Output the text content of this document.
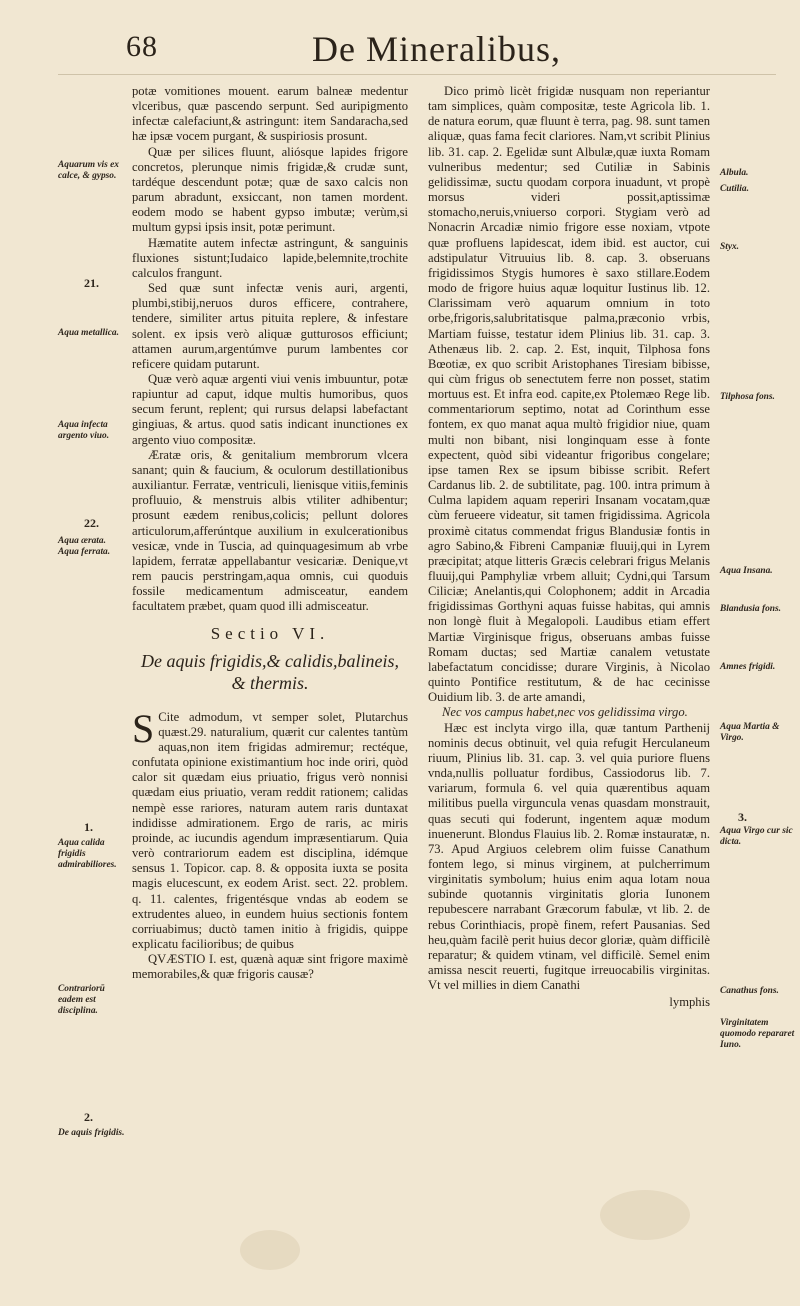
68	De Mineralibus,

potæ vomitiones mouent. earum balneæ medentur vlceribus, quæ pascendo serpunt. Sed auripigmento infectæ calefaciunt,& astringunt: item Sandaracha,sed hæ ipsæ vocem purgant, & suspiriosis prosunt.

Quæ per silices fluunt, aliósque lapides frigore concretos, plerunque nimis frigidæ,& crudæ sunt, tardéque descendunt potæ; quæ de saxo calcis non parum abradunt, exsiccant, non tamen mordent. eodem modo se habent gypso imbutæ; verùm,si multum gypsi ipsis insit, potæ perimunt.

Hæmatite autem infectæ astringunt, & sanguinis fluxiones sistunt;Iudaico lapide,belemnite,trochite calculos frangunt.

Sed quæ sunt infectæ venis auri, argenti, plumbi,stibij,neruos duros efficere, contrahere, tendere, similiter artus pituita replere, & infestare solent. ex ipsis verò aliquæ gutturosos efficiunt; attamen aurum,argentúmve purum lambentes cor reficere quidam putarunt.

Quæ verò aquæ argenti viui venis imbuuntur, potæ rapiuntur ad caput, idque multis humoribus, quos secum ferunt, replent; qui rursus delapsi labefactant gingiuas, & artus. quod satis indicant inunctiones ex argento viuo compositæ.

Æratæ oris, & genitalium membrorum vlcera sanant; quin & faucium, & oculorum destillationibus auxiliantur. Ferratæ, ventriculi, lienisque vitiis,feminis profluuio, & menstruis albis vtiliter adhibentur; prosunt eædem renibus,colicis; pellunt dolores articulorum,afferúntque auxilium in exulcerationibus vesicæ, vnde in Tuscia, ad quinquagesimum ab vrbe lapidem, ferratæ appellabantur vesicariæ. Denique,vt rem paucis perstringam,aqua omnis, cui quoduis fossile medicamentum admisceatur, eandem facultatem præbet, quam quod illi admisceatur.

Sectio VI.
De aquis frigidis,& calidis,balineis,
& thermis.

S Cite admodum, vt semper solet, Plutarchus quæst.29. naturalium, quærit cur calentes tantùm aquas,non item frigidas admiremur; rectéque, confutata opinione existimantium hoc inde oriri, quòd calor sit quædam eius priuatio, frigus verò nonnisi quædam eius priuatio, veram reddit rationem; calidas nempè esse rariores, naturam autem raris duntaxat indidisse admirationem. Ergo de raris, ac miris proinde, ac iucundis agendum impræsentiarum. Quia verò contrariorum eadem est disciplina, idémque sensus 1. Topicor. cap. 8. & opposita iuxta se posita magis elucescunt, ex eodem Arist. sect. 22. problem. q. 11. calentes, frigentésque vndas ab eodem se extrudentes alueo, in eundem huius sectionis fontem corriuabimus; ductò tamen initio à frigidis, quippe explicatu facilioribus; de quibus

QVÆSTIO I. est, quænà aquæ sint frigore maximè memorabiles,& quæ frigoris causæ?

Dico primò licèt frigidæ nusquam non reperiantur tam simplices, quàm compositæ, teste Agricola lib. 1. de natura eorum, quæ fluunt è terra, pag. 98. sunt tamen aliquæ, quas fama fecit clariores. Nam,vt scribit Plinius lib. 31. cap. 2. Egelidæ sunt Albulæ,quæ iuxta Romam vulneribus medentur; sed Cutiliæ in Sabinis gelidissimæ, suctu quodam corpora inuadunt, vt propè morsus videri possit,aptissimæ stomacho,neruis,vniuerso corpori. Stygiam verò ad Nonacrin Arcadiæ nimio frigore esse noxiam, vtpote quæ profluens lapidescat, idem ibid. est auctor, cui adstipulatur Vitruuius lib. 8. cap. 3. obseruans frigidissimos Stygis humores è saxo stillare.Eodem modo de frigore huius aquæ loquitur Iustinus lib. 12. Clarissimam verò aquarum omnium in toto orbe,frigoris,salubritatisque palma,præconio vrbis, Martiam fuisse, testatur idem Plinius lib. 31. cap. 3. Athenæus lib. 2. cap. 2. Est, inquit, Tilphosa fons Bœotiæ, ex quo scribit Aristophanes Tiresiam bibisse, qui cùm frigus ob senectutem ferre non posset, statim mortuus est. Et infra eod. capite,ex Ptolemæo Rege lib. commentariorum septimo, notat ad Corinthum esse fontem, ex quo manat aqua multò frigidior niue, quam multi non bibant, nisi longinquam esse à fonte expectent, quòd sibi videantur frigoribus congelare; ipse tamen Rex se ipsum bibisse scribit. Refert Cardanus lib. 2. de subtilitate, pag. 100. intra primum à Culma lapidem aquam reperiri Insanam vocatam,quæ cùm ferueere videatur, sit tamen frigidissima. Agricola proximè citatus commendat frigus Blandusiæ fontis in agro Sabino,& Fibreni Campaniæ fluuij,qui in Lyrem præcipitat; atque litteris Græcis celebrari frigus Melanis fluuij,qui Pamphyliæ vrbem alluit; Cydni,qui Tarsum Ciliciæ; Anelantis,qui Colophonem; addit in Arcadia frigidissimas Gorthyni aquas fuisse habitas, qui amnis non longè fluit à Megalopoli. Laudibus etiam effert Martiæ Virginisque frigus, obseruans ambas fuisse Romam ductas; sed Martiæ canalem vetustate labefactatum concidisse; durare Virginis, à Nicolao quinto Pontifice restitutum, & de hac cecinisse Ouidium lib. 3. de arte amandi,

Nec vos campus habet,nec vos gelidissima virgo.

Hæc est inclyta virgo illa, quæ tantum Parthenij nominis decus obtinuit, vel quia refugit Herculaneum riuum, Plinius lib. 31. cap. 3. vel quia puriore fluens vnda,nullis polluatur fordibus, Cassiodorus lib. 7. variarum, formula 6. vel quia quærentibus aquam militibus puella virguncula venas quasdam monstrauit, quas secuti qui foderunt, ingentem aquæ modum inuenerunt. Blondus Flauius lib. 2. Romæ instauratæ, n. 73. Apud Argiuos celebrem olim fuisse Canathum fontem lego, si minus virginem, at pulcherrimum virginitatis symbolum; huius enim aqua lotam noua subinde quotannis virginitatis gloria Iunonem repubescere narrabant Græcorum fabulæ, vt lib. 2. de rebus Corinthiacis, propè finem, refert Pausanias. Sed heu,quàm facilè perit huius decor gloriæ, quàm difficilè reparatur; & quidem vtinam, vel difficilè. Semel enim amissa nescit reuerti, fugitque irreuocabilis virginitas. Vt vel millies in diem Canathi

lymphis

Aquarum vis ex calce, & gypso.
21.
Aqua metallica.
Aqua infecta argento viuo.
22.
Aqua ærata. Aqua ferrata.
1.
Aqua calida frigidis admirabiliores.
Contrariorū eadem est disciplina.
2.
De aquis frigidis.
Albula.
Cutilia.
Styx.
Tilphosa fons.
Aqua Insana.
Blandusia fons.
Amnes frigidi.
Aqua Martia & Virgo.
3.
Aqua Virgo cur sic dicta.
Canathus fons.
Virginitatem quomodo repararet Iuno.
